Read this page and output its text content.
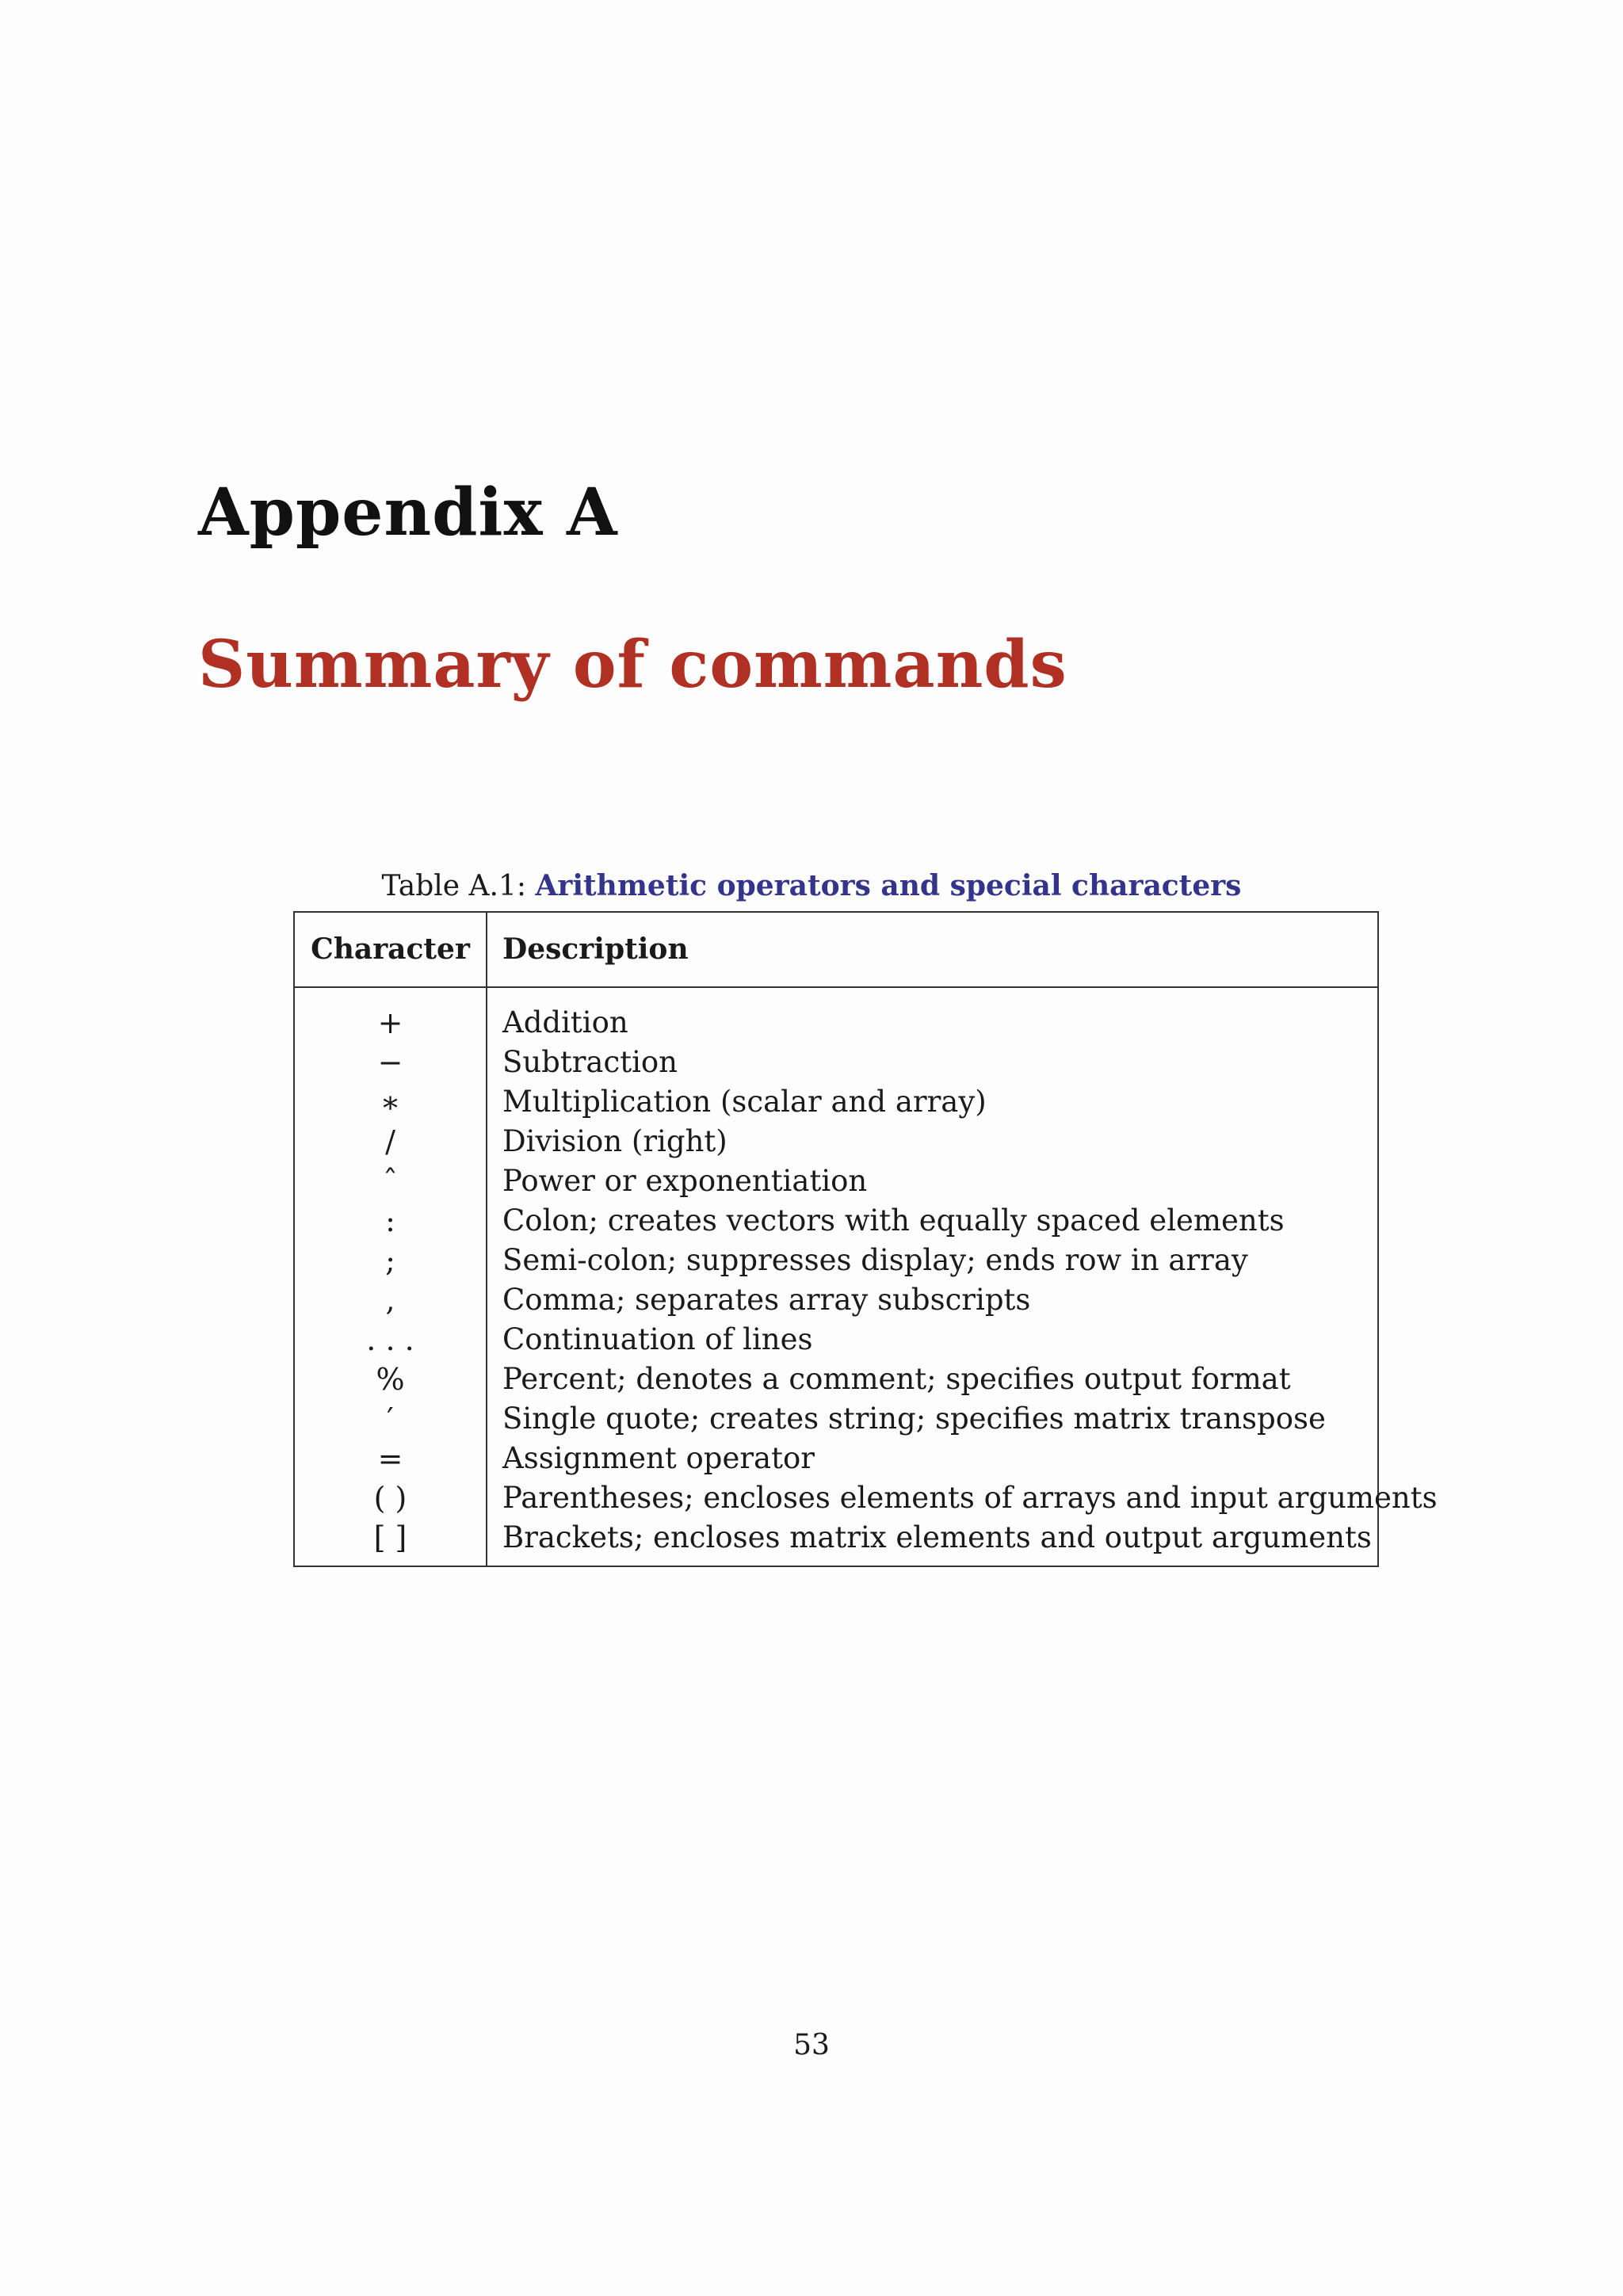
Appendix A
Summary of commands
Table A.1: Arithmetic operators and special characters
Character	Description
+	Addition
−	Subtraction
∗	Multiplication (scalar and array)
/	Division (right)
ˆ	Power or exponentiation
:	Colon; creates vectors with equally spaced elements
;	Semi-colon; suppresses display; ends row in array
,	Comma; separates array subscripts
. . .	Continuation of lines
%	Percent; denotes a comment; specifies output format
′	Single quote; creates string; specifies matrix transpose
=	Assignment operator
( )	Parentheses; encloses elements of arrays and input arguments
[ ]	Brackets; encloses matrix elements and output arguments
53
